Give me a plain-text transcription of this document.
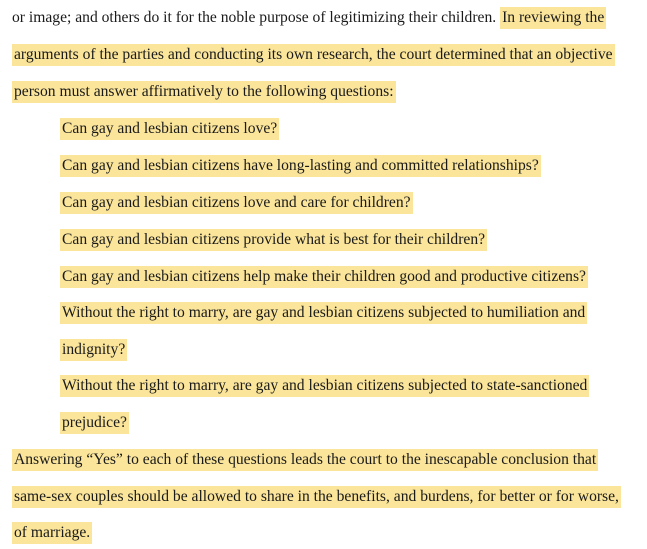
or image; and others do it for the noble purpose of legitimizing their children. In reviewing the
arguments of the parties and conducting its own research, the court determined that an objective
person must answer affirmatively to the following questions:
Can gay and lesbian citizens love?
Can gay and lesbian citizens have long-lasting and committed relationships?
Can gay and lesbian citizens love and care for children?
Can gay and lesbian citizens provide what is best for their children?
Can gay and lesbian citizens help make their children good and productive citizens?
Without the right to marry, are gay and lesbian citizens subjected to humiliation and
indignity?
Without the right to marry, are gay and lesbian citizens subjected to state-sanctioned
prejudice?
Answering “Yes” to each of these questions leads the court to the inescapable conclusion that
same-sex couples should be allowed to share in the benefits, and burdens, for better or for worse,
of marriage.
